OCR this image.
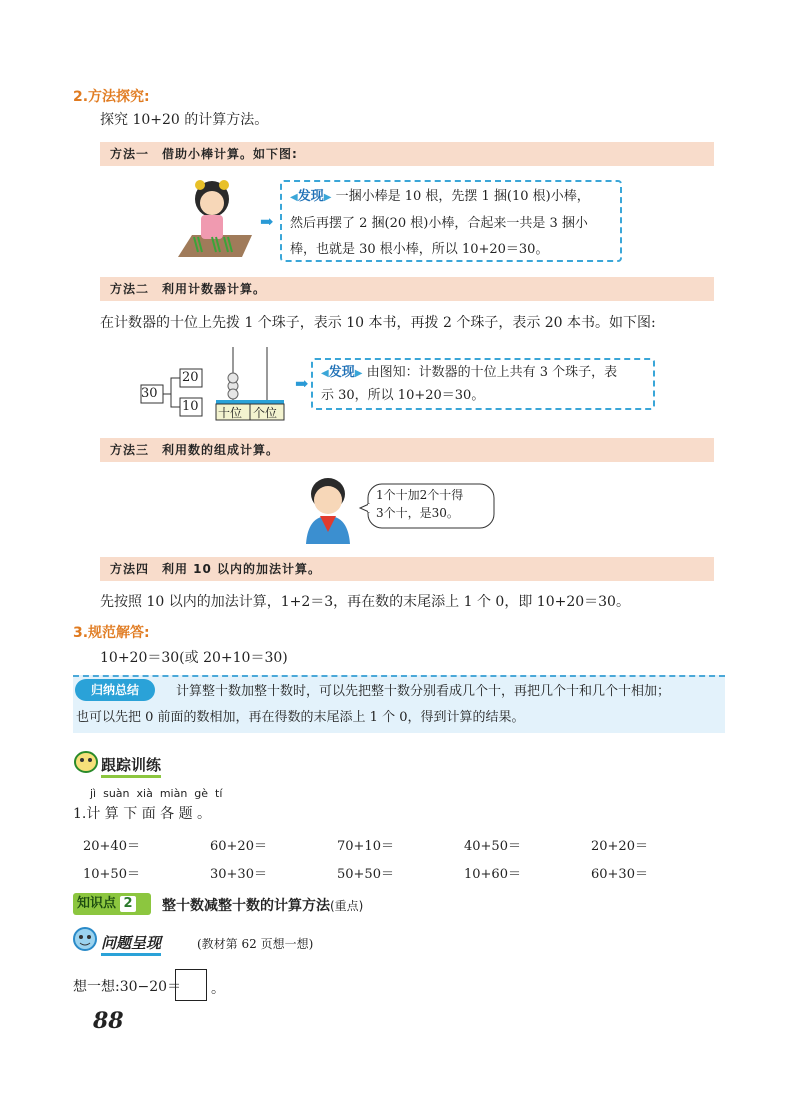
2.方法探究:
探究 10+20 的计算方法。
方法一　借助小棒计算。如下图:
➡
◀发现▶ 一捆小棒是 10 根，先摆 1 捆(10 根)小棒，
然后再摆了 2 捆(20 根)小棒，合起来一共是 3 捆小
棒，也就是 30 根小棒，所以 10+20＝30。
方法二　利用计数器计算。
在计数器的十位上先拨 1 个珠子，表示 10 本书，再拨 2 个珠子，表示 20 本书。如下图:
30
20
10 十位 个位
➡
◀发现▶ 由图知：计数器的十位上共有 3 个珠子，表
示 30，所以 10+20＝30。
方法三　利用数的组成计算。
1个十加2个十得
3个十，是30。
方法四　利用 10 以内的加法计算。
先按照 10 以内的加法计算，1+2＝3，再在数的末尾添上 1 个 0，即 10+20＝30。
3.规范解答:
10+20＝30(或 20+10＝30)
归纳总结	计算整十数加整十数时，可以先把整十数分别看成几个十，再把几个十和几个十相加；
也可以先把 0 前面的数相加，再在得数的末尾添上 1 个 0，得到计算的结果。
跟踪训练
jì  suàn  xià  miàn  gè  tí
1.计 算 下 面 各 题 。
20+40＝	60+20＝	70+10＝	40+50＝	20+20＝
10+50＝	30+30＝	50+50＝	10+60＝	60+30＝
知识点 2	整十数减整十数的计算方法(重点)
问题呈现	(教材第 62 页想一想)
想一想:30−20＝ 。
88
